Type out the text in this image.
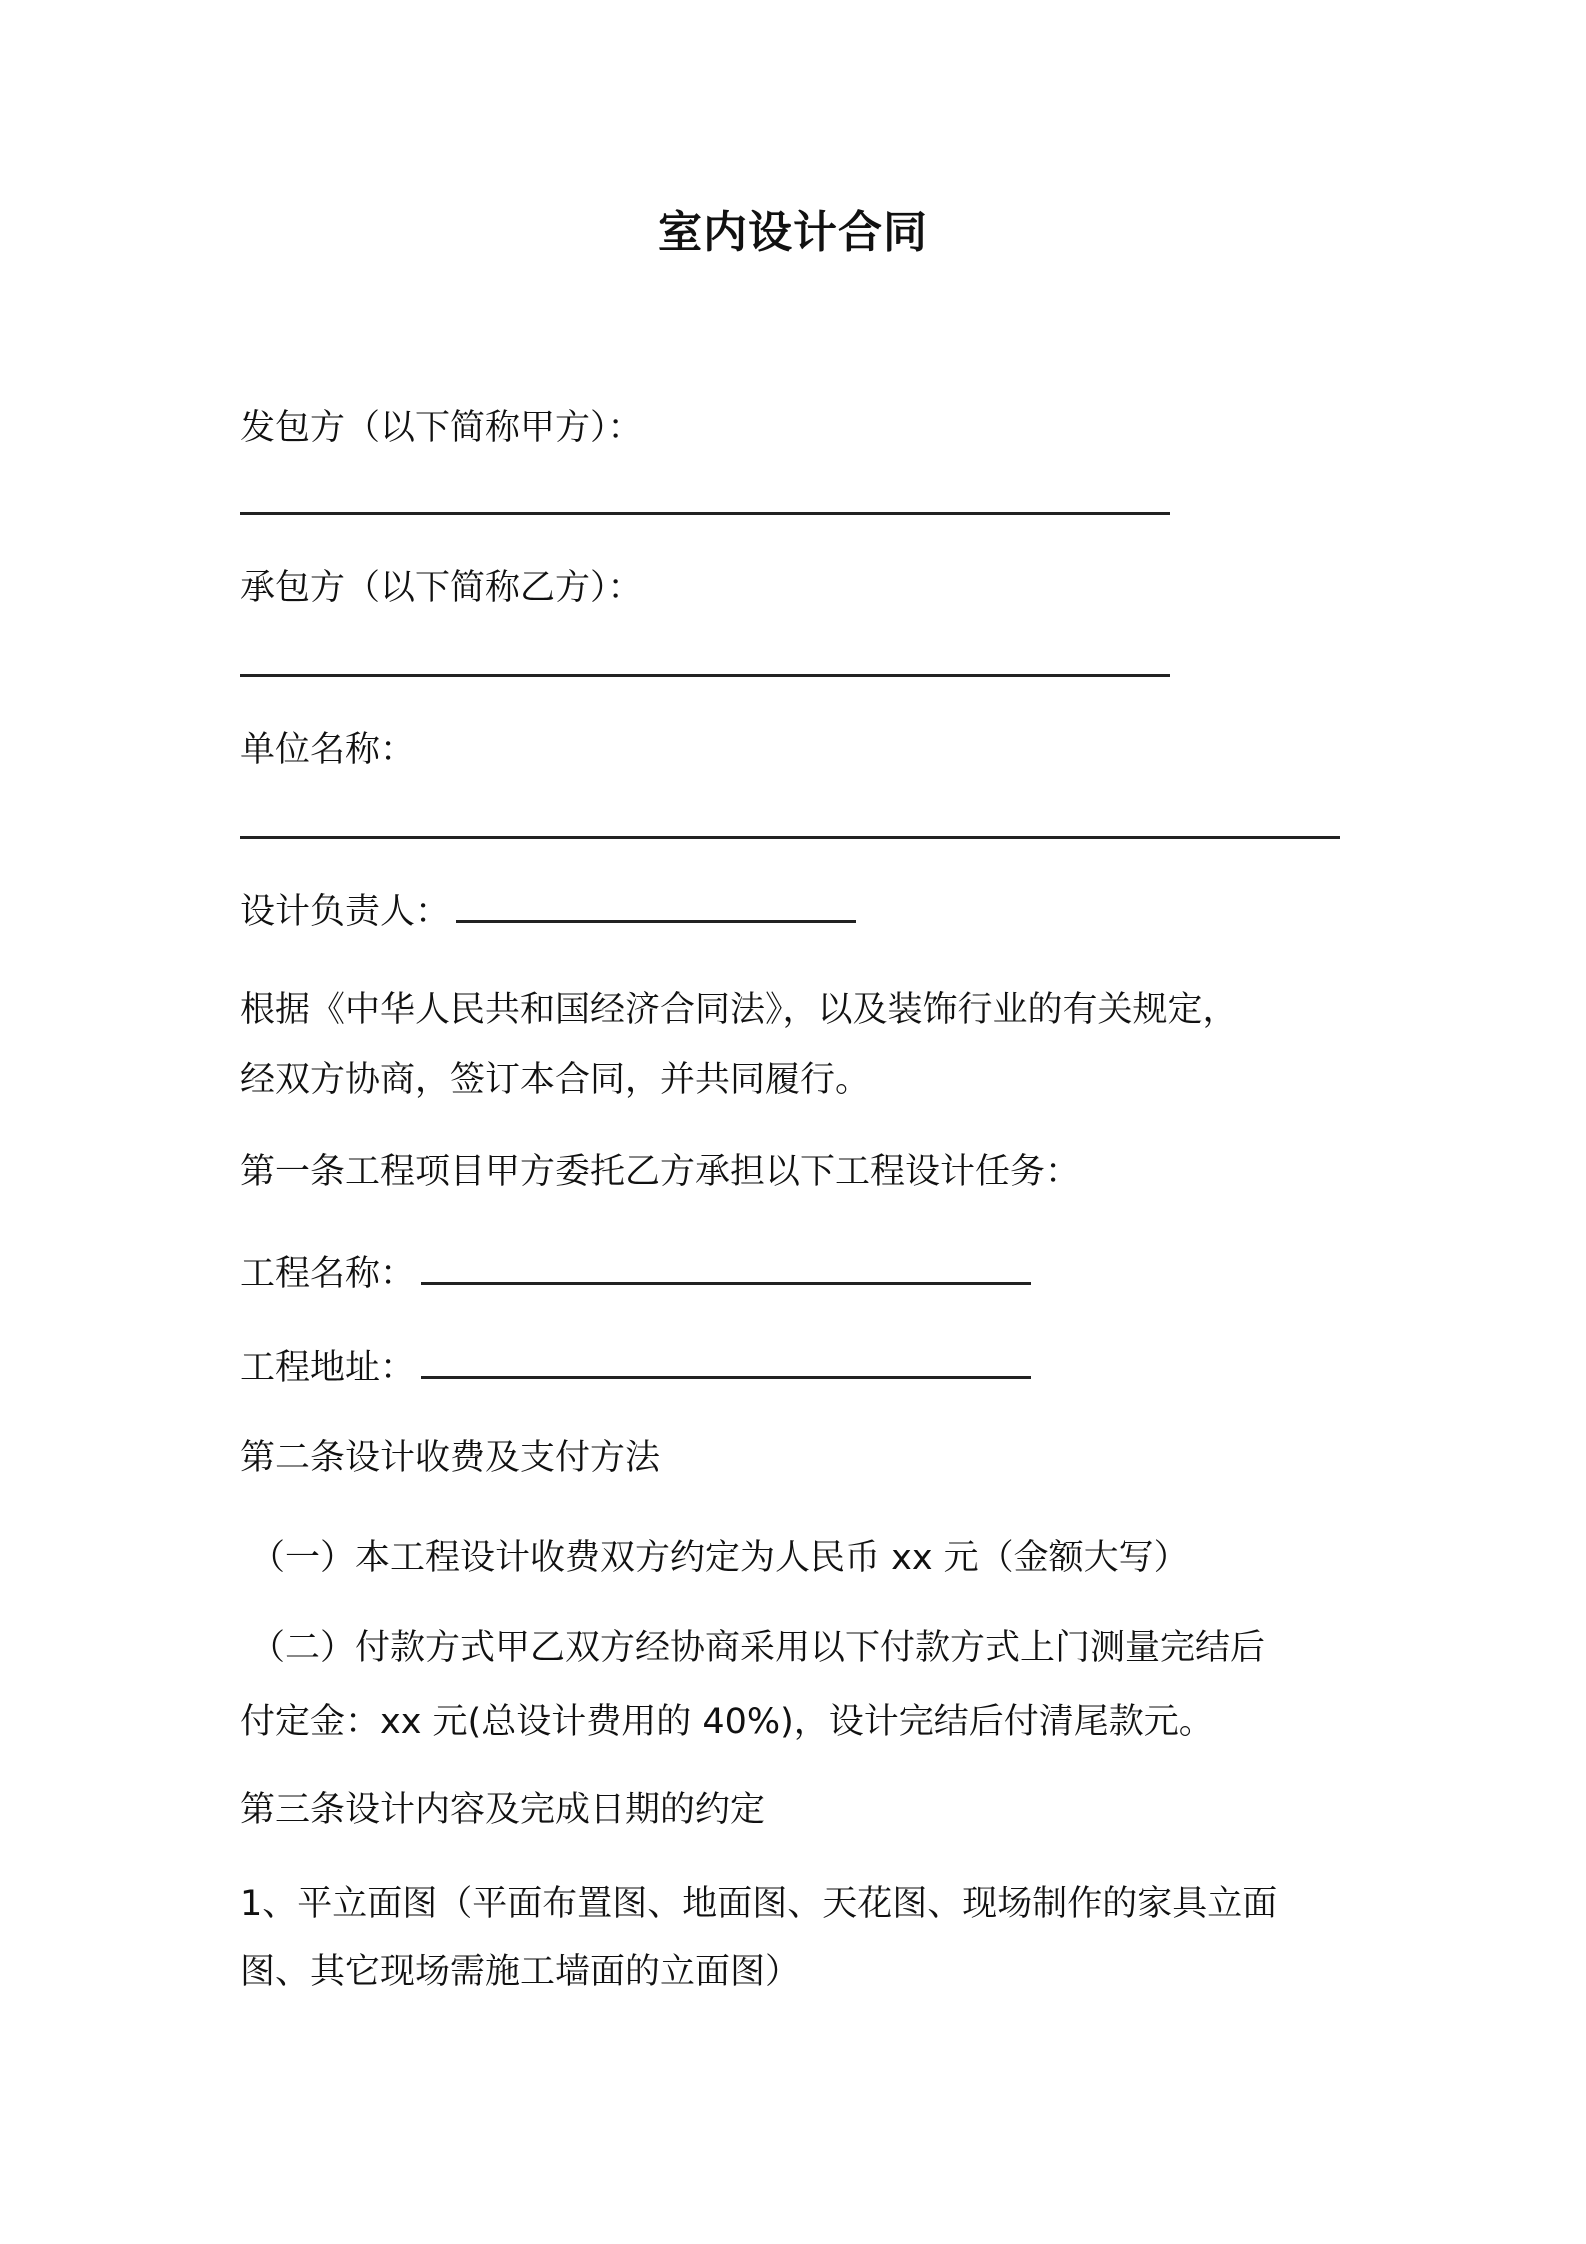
室内设计合同
发包方（以下简称甲方）：
承包方（以下简称乙方）：
单位名称：
设计负责人：
根据《中华人民共和国经济合同法》，以及装饰行业的有关规定，
经双方协商，签订本合同，并共同履行。
第一条工程项目甲方委托乙方承担以下工程设计任务：
工程名称：
工程地址：
第二条设计收费及支付方法
（一）本工程设计收费双方约定为人民币 xx 元（金额大写）
（二）付款方式甲乙双方经协商采用以下付款方式上门测量完结后
付定金：xx 元(总设计费用的 40%)，设计完结后付清尾款元。
第三条设计内容及完成日期的约定
1、平立面图（平面布置图、地面图、天花图、现场制作的家具立面
图、其它现场需施工墙面的立面图）
